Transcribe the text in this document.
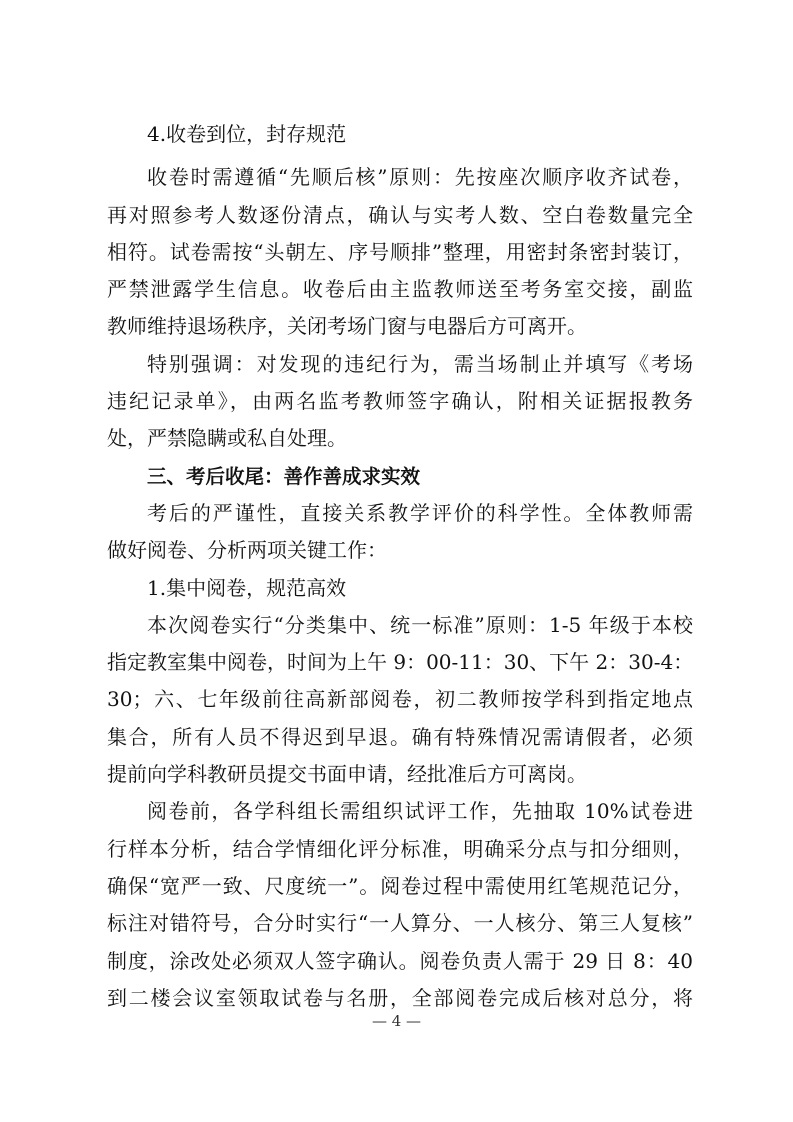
4.收卷到位，封存规范
收卷时需遵循“先顺后核”原则：先按座次顺序收齐试卷，
再对照参考人数逐份清点，确认与实考人数、空白卷数量完全
相符。试卷需按“头朝左、序号顺排”整理，用密封条密封装订，
严禁泄露学生信息。收卷后由主监教师送至考务室交接，副监
教师维持退场秩序，关闭考场门窗与电器后方可离开。
特别强调：对发现的违纪行为，需当场制止并填写《考场
违纪记录单》，由两名监考教师签字确认，附相关证据报教务
处，严禁隐瞒或私自处理。
三、考后收尾：善作善成求实效
考后的严谨性，直接关系教学评价的科学性。全体教师需
做好阅卷、分析两项关键工作：
1.集中阅卷，规范高效
本次阅卷实行“分类集中、统一标准”原则：1-5 年级于本校
指定教室集中阅卷，时间为上午 9：00-11：30、下午 2：30-4：
30；六、七年级前往高新部阅卷，初二教师按学科到指定地点
集合，所有人员不得迟到早退。确有特殊情况需请假者，必须
提前向学科教研员提交书面申请，经批准后方可离岗。
阅卷前，各学科组长需组织试评工作，先抽取 10%试卷进
行样本分析，结合学情细化评分标准，明确采分点与扣分细则，
确保“宽严一致、尺度统一”。阅卷过程中需使用红笔规范记分，
标注对错符号，合分时实行“一人算分、一人核分、第三人复核”
制度，涂改处必须双人签字确认。阅卷负责人需于 29 日 8：40
到二楼会议室领取试卷与名册，全部阅卷完成后核对总分，将
— 4 —
